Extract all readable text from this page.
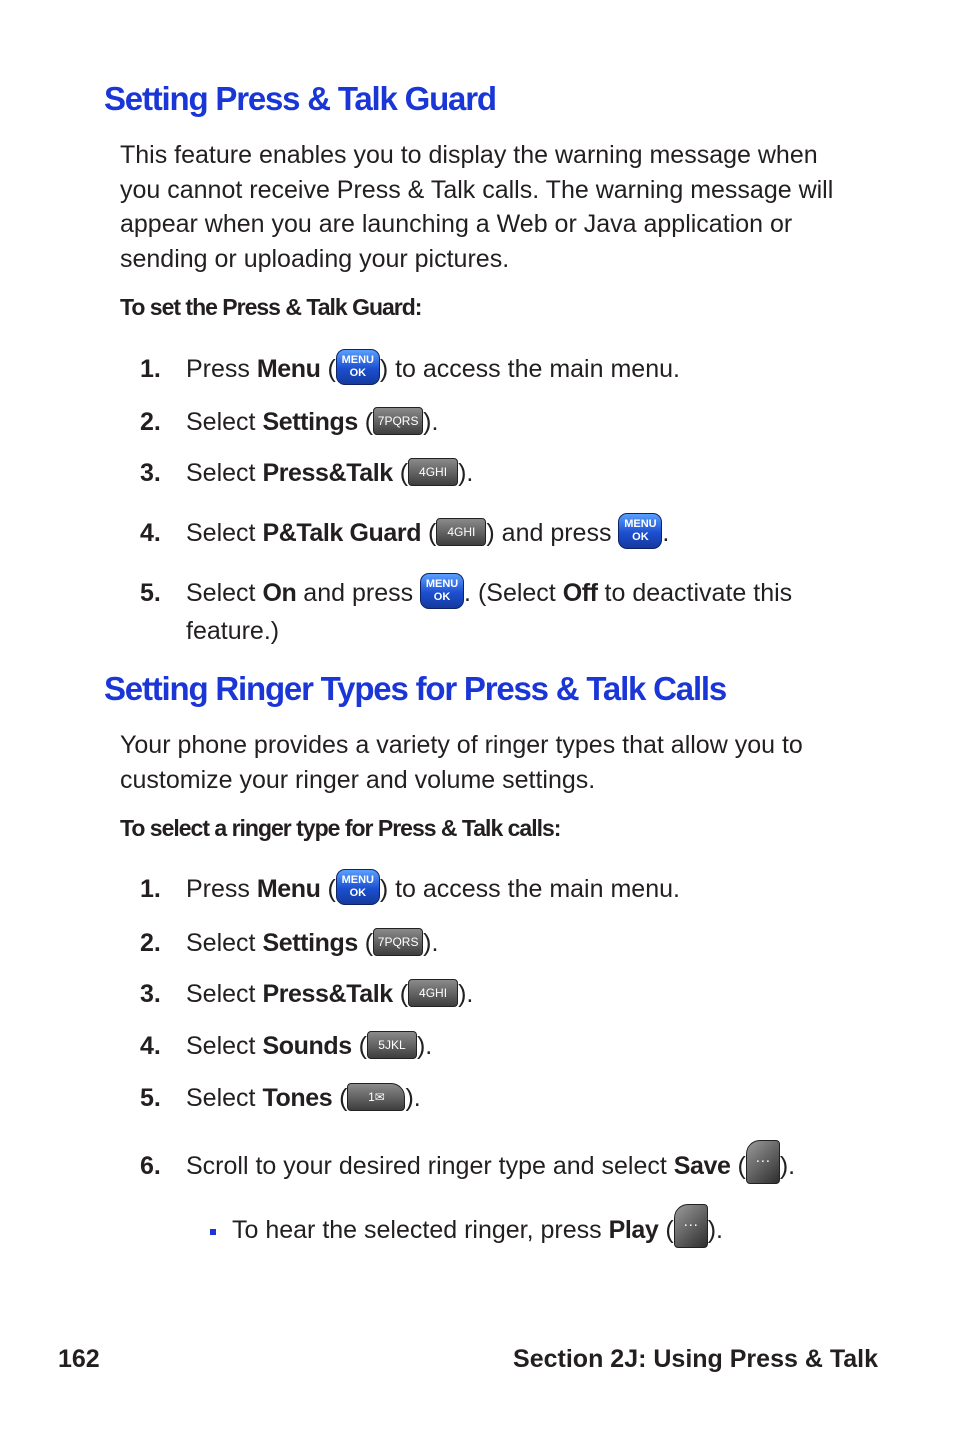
Setting Press & Talk Guard

This feature enables you to display the warning message when you cannot receive Press & Talk calls. The warning message will appear when you are launching a Web or Java application or sending or uploading your pictures.

To set the Press & Talk Guard:

1. Press Menu ( MENU
OK ) to access the main menu.
2. Select Settings ( 7PQRS ).
3. Select Press&Talk ( 4GHI ).
4. Select P&Talk Guard ( 4GHI ) and press MENU
OK .
5. Select On and press MENU
OK . (Select Off to deactivate this feature.)
Setting Ringer Types for Press & Talk Calls

Your phone provides a variety of ringer types that allow you to customize your ringer and volume settings.

To select a ringer type for Press & Talk calls:

1. Press Menu ( MENU
OK ) to access the main menu.
2. Select Settings ( 7PQRS ).
3. Select Press&Talk ( 4GHI ).
4. Select Sounds ( 5JKL ).
5. Select Tones ( 1✉ ).
6. Scroll to your desired ringer type and select Save ( ··· ).
To hear the selected ringer, press Play ( ··· ).
162	Section 2J: Using Press & Talk
